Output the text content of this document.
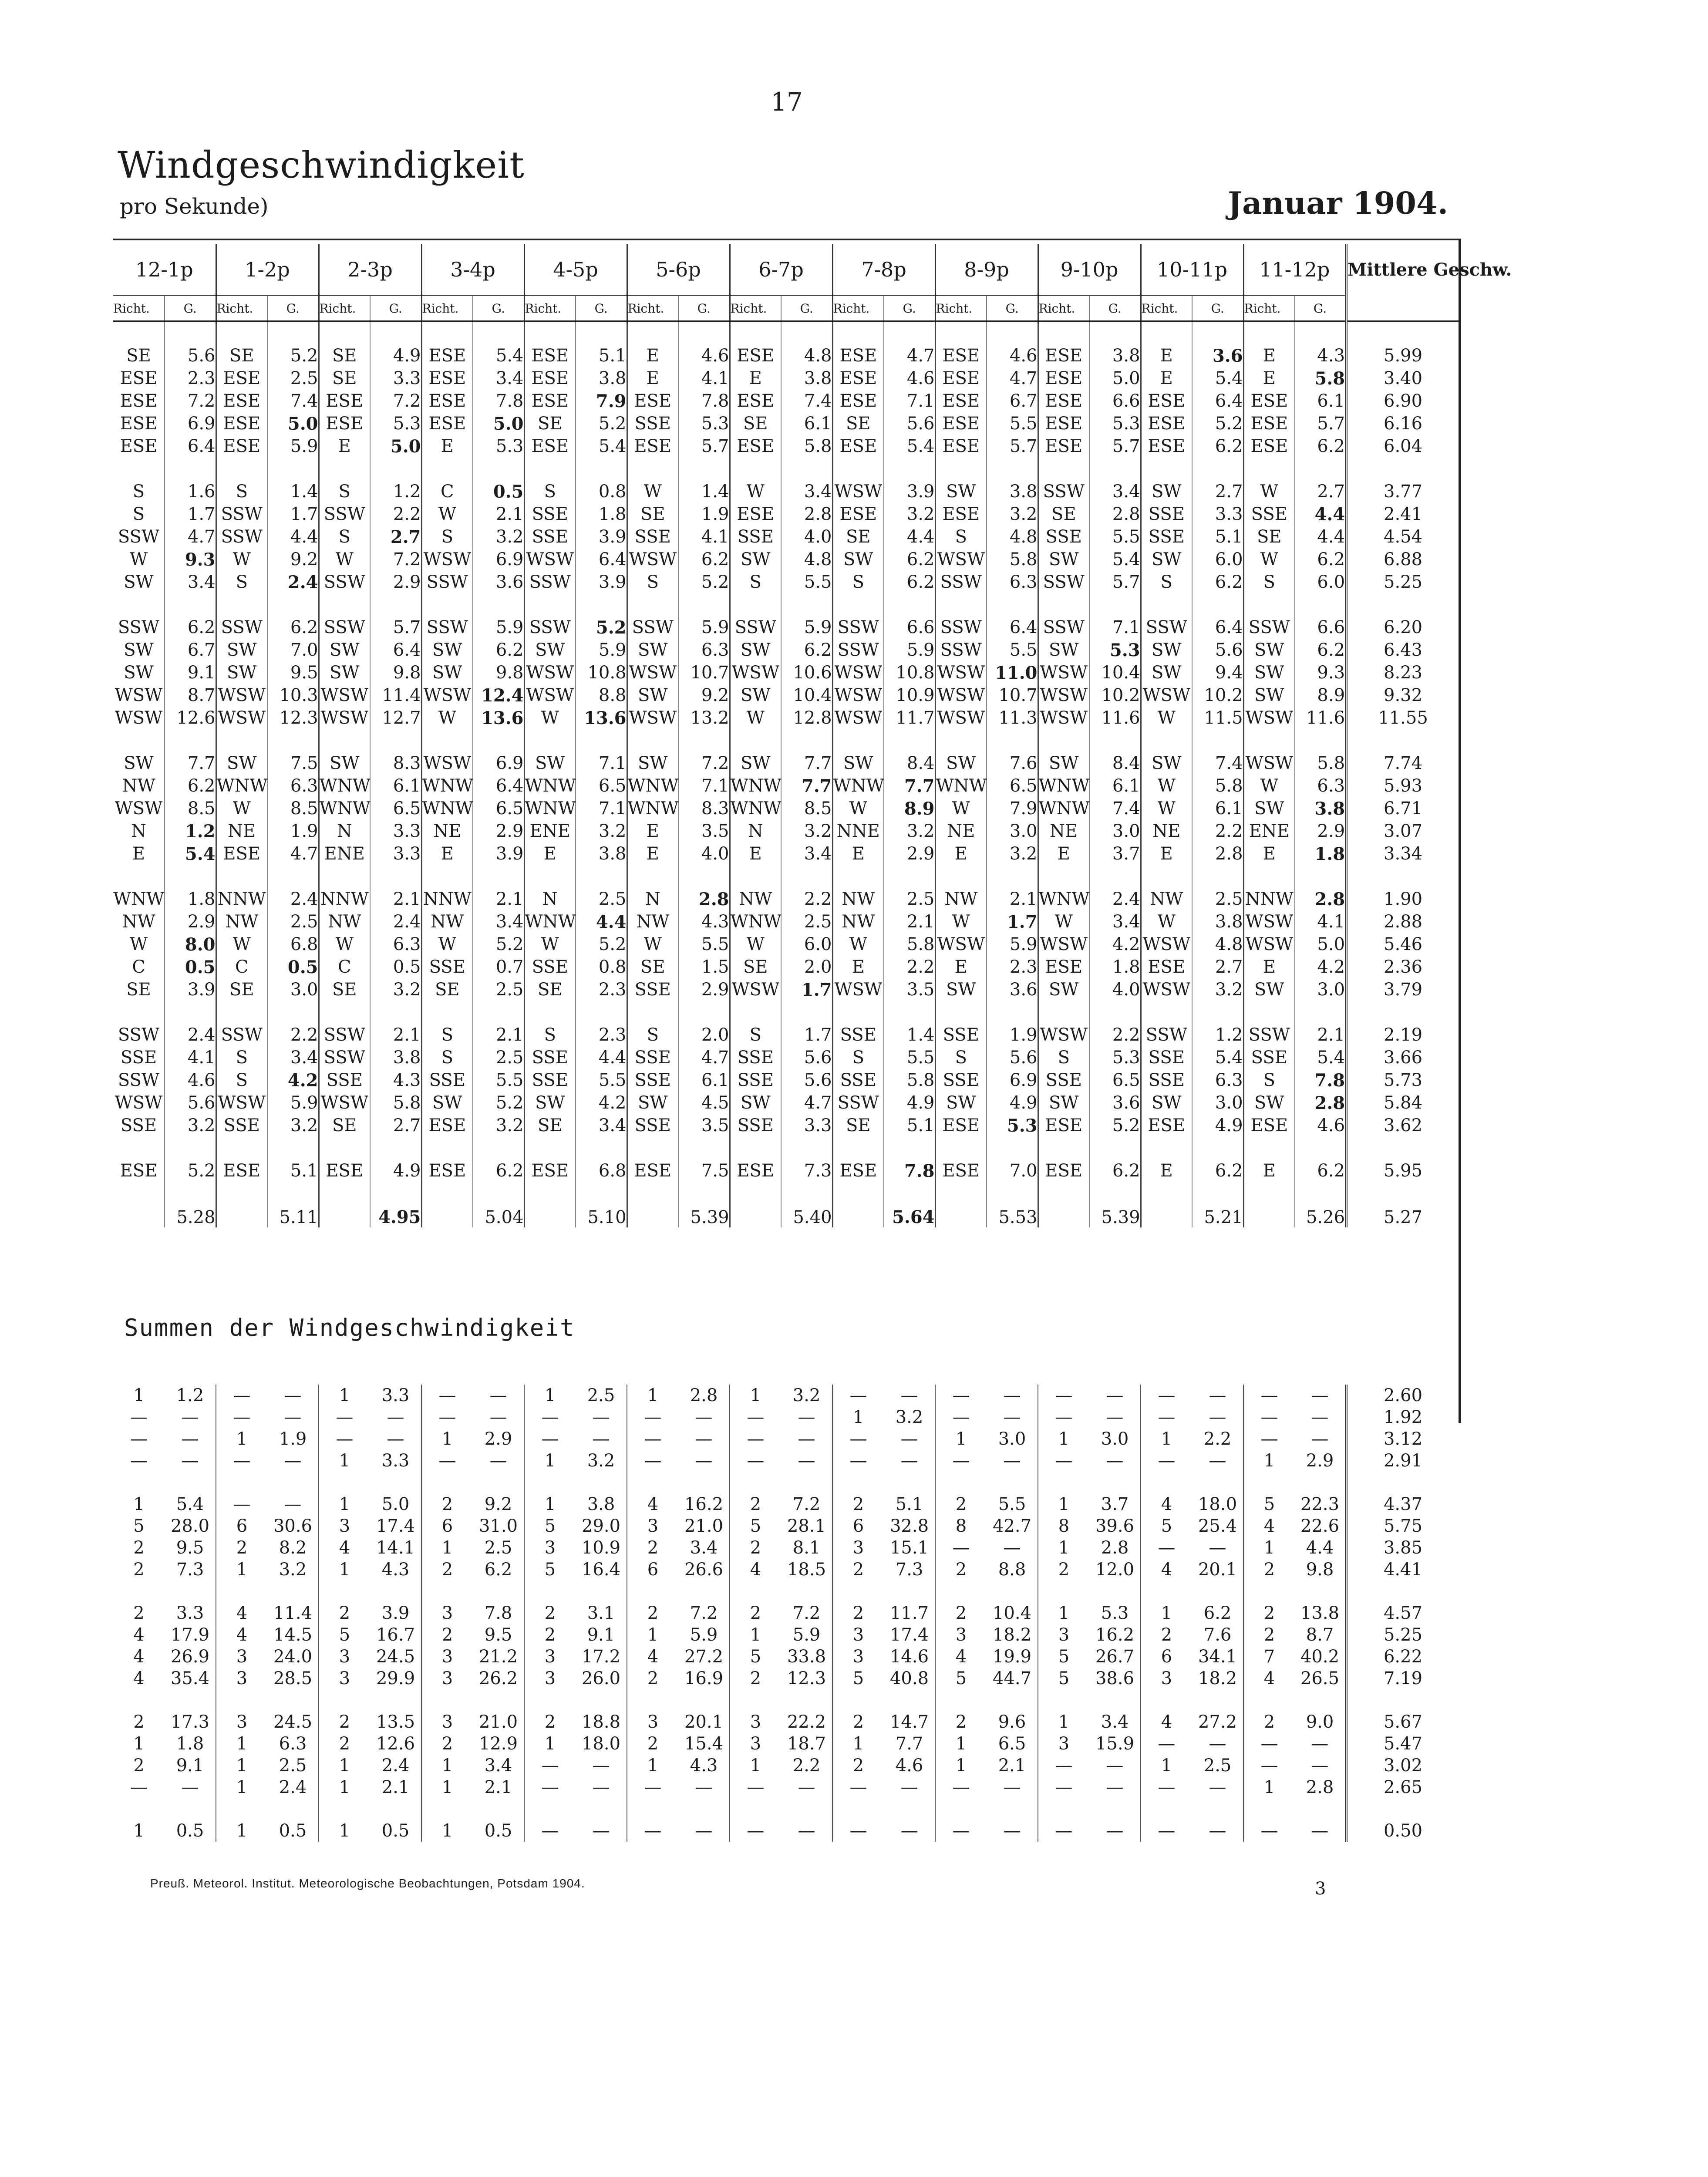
17
Windgeschwindigkeit
pro Sekunde)	Januar 1904.
12-1p		1-2p		2-3p		3-4p		4-5p		5-6p		6-7p		7-8p		8-9p		9-10p		10-11p		11-12p		Mittlere Geschw.
Richt.	G.	Richt.	G.	Richt.	G.	Richt.	G.	Richt.	G.	Richt.	G.	Richt.	G.	Richt.	G.	Richt.	G.	Richt.	G.	Richt.	G.	Richt.	G.	

SE	5.6	SE	5.2	SE	4.9	ESE	5.4	ESE	5.1	E	4.6	ESE	4.8	ESE	4.7	ESE	4.6	ESE	3.8	E	3.6	E	4.3	5.99
ESE	2.3	ESE	2.5	SE	3.3	ESE	3.4	ESE	3.8	E	4.1	E	3.8	ESE	4.6	ESE	4.7	ESE	5.0	E	5.4	E	5.8	3.40
ESE	7.2	ESE	7.4	ESE	7.2	ESE	7.8	ESE	7.9	ESE	7.8	ESE	7.4	ESE	7.1	ESE	6.7	ESE	6.6	ESE	6.4	ESE	6.1	6.90
ESE	6.9	ESE	5.0	ESE	5.3	ESE	5.0	SE	5.2	SSE	5.3	SE	6.1	SE	5.6	ESE	5.5	ESE	5.3	ESE	5.2	ESE	5.7	6.16
ESE	6.4	ESE	5.9	E	5.0	E	5.3	ESE	5.4	ESE	5.7	ESE	5.8	ESE	5.4	ESE	5.7	ESE	5.7	ESE	6.2	ESE	6.2	6.04

S	1.6	S	1.4	S	1.2	C	0.5	S	0.8	W	1.4	W	3.4	WSW	3.9	SW	3.8	SSW	3.4	SW	2.7	W	2.7	3.77
S	1.7	SSW	1.7	SSW	2.2	W	2.1	SSE	1.8	SE	1.9	ESE	2.8	ESE	3.2	ESE	3.2	SE	2.8	SSE	3.3	SSE	4.4	2.41
SSW	4.7	SSW	4.4	S	2.7	S	3.2	SSE	3.9	SSE	4.1	SSE	4.0	SE	4.4	S	4.8	SSE	5.5	SSE	5.1	SE	4.4	4.54
W	9.3	W	9.2	W	7.2	WSW	6.9	WSW	6.4	WSW	6.2	SW	4.8	SW	6.2	WSW	5.8	SW	5.4	SW	6.0	W	6.2	6.88
SW	3.4	S	2.4	SSW	2.9	SSW	3.6	SSW	3.9	S	5.2	S	5.5	S	6.2	SSW	6.3	SSW	5.7	S	6.2	S	6.0	5.25

SSW	6.2	SSW	6.2	SSW	5.7	SSW	5.9	SSW	5.2	SSW	5.9	SSW	5.9	SSW	6.6	SSW	6.4	SSW	7.1	SSW	6.4	SSW	6.6	6.20
SW	6.7	SW	7.0	SW	6.4	SW	6.2	SW	5.9	SW	6.3	SW	6.2	SSW	5.9	SSW	5.5	SW	5.3	SW	5.6	SW	6.2	6.43
SW	9.1	SW	9.5	SW	9.8	SW	9.8	WSW	10.8	WSW	10.7	WSW	10.6	WSW	10.8	WSW	11.0	WSW	10.4	SW	9.4	SW	9.3	8.23
WSW	8.7	WSW	10.3	WSW	11.4	WSW	12.4	WSW	8.8	SW	9.2	SW	10.4	WSW	10.9	WSW	10.7	WSW	10.2	WSW	10.2	SW	8.9	9.32
WSW	12.6	WSW	12.3	WSW	12.7	W	13.6	W	13.6	WSW	13.2	W	12.8	WSW	11.7	WSW	11.3	WSW	11.6	W	11.5	WSW	11.6	11.55

SW	7.7	SW	7.5	SW	8.3	WSW	6.9	SW	7.1	SW	7.2	SW	7.7	SW	8.4	SW	7.6	SW	8.4	SW	7.4	WSW	5.8	7.74
NW	6.2	WNW	6.3	WNW	6.1	WNW	6.4	WNW	6.5	WNW	7.1	WNW	7.7	WNW	7.7	WNW	6.5	WNW	6.1	W	5.8	W	6.3	5.93
WSW	8.5	W	8.5	WNW	6.5	WNW	6.5	WNW	7.1	WNW	8.3	WNW	8.5	W	8.9	W	7.9	WNW	7.4	W	6.1	SW	3.8	6.71
N	1.2	NE	1.9	N	3.3	NE	2.9	ENE	3.2	E	3.5	N	3.2	NNE	3.2	NE	3.0	NE	3.0	NE	2.2	ENE	2.9	3.07
E	5.4	ESE	4.7	ENE	3.3	E	3.9	E	3.8	E	4.0	E	3.4	E	2.9	E	3.2	E	3.7	E	2.8	E	1.8	3.34

WNW	1.8	NNW	2.4	NNW	2.1	NNW	2.1	N	2.5	N	2.8	NW	2.2	NW	2.5	NW	2.1	WNW	2.4	NW	2.5	NNW	2.8	1.90
NW	2.9	NW	2.5	NW	2.4	NW	3.4	WNW	4.4	NW	4.3	WNW	2.5	NW	2.1	W	1.7	W	3.4	W	3.8	WSW	4.1	2.88
W	8.0	W	6.8	W	6.3	W	5.2	W	5.2	W	5.5	W	6.0	W	5.8	WSW	5.9	WSW	4.2	WSW	4.8	WSW	5.0	5.46
C	0.5	C	0.5	C	0.5	SSE	0.7	SSE	0.8	SE	1.5	SE	2.0	E	2.2	E	2.3	ESE	1.8	ESE	2.7	E	4.2	2.36
SE	3.9	SE	3.0	SE	3.2	SE	2.5	SE	2.3	SSE	2.9	WSW	1.7	WSW	3.5	SW	3.6	SW	4.0	WSW	3.2	SW	3.0	3.79

SSW	2.4	SSW	2.2	SSW	2.1	S	2.1	S	2.3	S	2.0	S	1.7	SSE	1.4	SSE	1.9	WSW	2.2	SSW	1.2	SSW	2.1	2.19
SSE	4.1	S	3.4	SSW	3.8	S	2.5	SSE	4.4	SSE	4.7	SSE	5.6	S	5.5	S	5.6	S	5.3	SSE	5.4	SSE	5.4	3.66
SSW	4.6	S	4.2	SSE	4.3	SSE	5.5	SSE	5.5	SSE	6.1	SSE	5.6	SSE	5.8	SSE	6.9	SSE	6.5	SSE	6.3	S	7.8	5.73
WSW	5.6	WSW	5.9	WSW	5.8	SW	5.2	SW	4.2	SW	4.5	SW	4.7	SSW	4.9	SW	4.9	SW	3.6	SW	3.0	SW	2.8	5.84
SSE	3.2	SSE	3.2	SE	2.7	ESE	3.2	SE	3.4	SSE	3.5	SSE	3.3	SE	5.1	ESE	5.3	ESE	5.2	ESE	4.9	ESE	4.6	3.62

ESE	5.2	ESE	5.1	ESE	4.9	ESE	6.2	ESE	6.8	ESE	7.5	ESE	7.3	ESE	7.8	ESE	7.0	ESE	6.2	E	6.2	E	6.2	5.95

	5.28		5.11		4.95		5.04		5.10		5.39		5.40		5.64		5.53		5.39		5.21		5.26	5.27
Summen der Windgeschwindigkeit
1	1.2	—	—	1	3.3	—	—	1	2.5	1	2.8	1	3.2	—	—	—	—	—	—	—	—	—	—	2.60
—	—	—	—	—	—	—	—	—	—	—	—	—	—	1	3.2	—	—	—	—	—	—	—	—	1.92
—	—	1	1.9	—	—	1	2.9	—	—	—	—	—	—	—	—	1	3.0	1	3.0	1	2.2	—	—	3.12
—	—	—	—	1	3.3	—	—	1	3.2	—	—	—	—	—	—	—	—	—	—	—	—	1	2.9	2.91

1	5.4	—	—	1	5.0	2	9.2	1	3.8	4	16.2	2	7.2	2	5.1	2	5.5	1	3.7	4	18.0	5	22.3	4.37
5	28.0	6	30.6	3	17.4	6	31.0	5	29.0	3	21.0	5	28.1	6	32.8	8	42.7	8	39.6	5	25.4	4	22.6	5.75
2	9.5	2	8.2	4	14.1	1	2.5	3	10.9	2	3.4	2	8.1	3	15.1	—	—	1	2.8	—	—	1	4.4	3.85
2	7.3	1	3.2	1	4.3	2	6.2	5	16.4	6	26.6	4	18.5	2	7.3	2	8.8	2	12.0	4	20.1	2	9.8	4.41

2	3.3	4	11.4	2	3.9	3	7.8	2	3.1	2	7.2	2	7.2	2	11.7	2	10.4	1	5.3	1	6.2	2	13.8	4.57
4	17.9	4	14.5	5	16.7	2	9.5	2	9.1	1	5.9	1	5.9	3	17.4	3	18.2	3	16.2	2	7.6	2	8.7	5.25
4	26.9	3	24.0	3	24.5	3	21.2	3	17.2	4	27.2	5	33.8	3	14.6	4	19.9	5	26.7	6	34.1	7	40.2	6.22
4	35.4	3	28.5	3	29.9	3	26.2	3	26.0	2	16.9	2	12.3	5	40.8	5	44.7	5	38.6	3	18.2	4	26.5	7.19

2	17.3	3	24.5	2	13.5	3	21.0	2	18.8	3	20.1	3	22.2	2	14.7	2	9.6	1	3.4	4	27.2	2	9.0	5.67
1	1.8	1	6.3	2	12.6	2	12.9	1	18.0	2	15.4	3	18.7	1	7.7	1	6.5	3	15.9	—	—	—	—	5.47
2	9.1	1	2.5	1	2.4	1	3.4	—	—	1	4.3	1	2.2	2	4.6	1	2.1	—	—	1	2.5	—	—	3.02
—	—	1	2.4	1	2.1	1	2.1	—	—	—	—	—	—	—	—	—	—	—	—	—	—	1	2.8	2.65

1	0.5	1	0.5	1	0.5	1	0.5	—	—	—	—	—	—	—	—	—	—	—	—	—	—	—	—	0.50
Preuß. Meteorol. Institut. Meteorologische Beobachtungen, Potsdam 1904.	3
